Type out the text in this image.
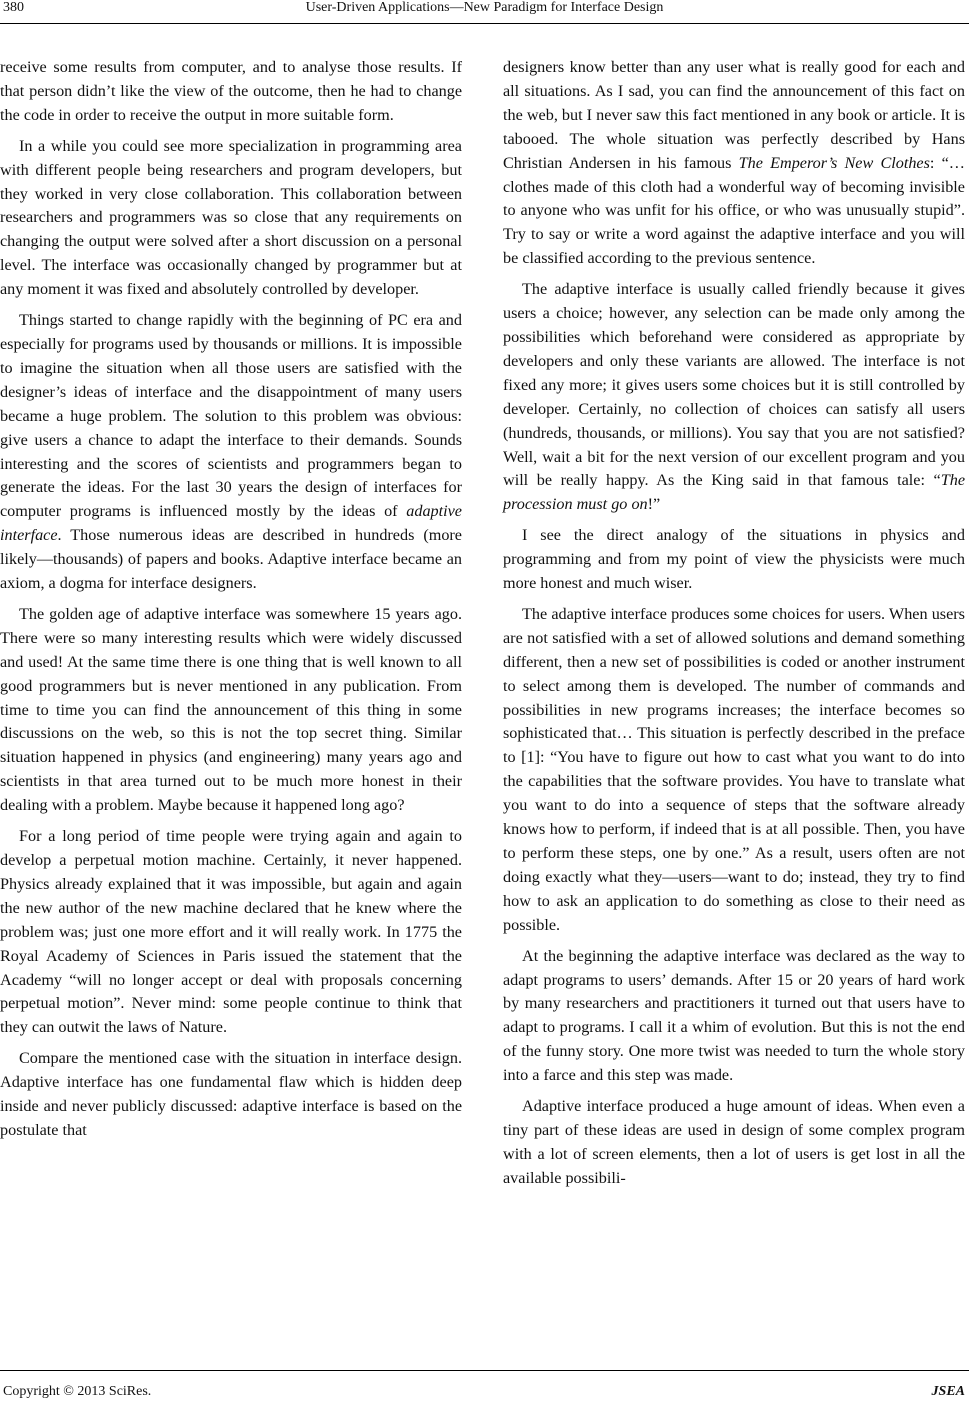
380	User-Driven Applications—New Paradigm for Interface Design

receive some results from computer, and to analyse those results. If that person didn’t like the view of the outcome, then he had to change the code in order to receive the output in more suitable form.

In a while you could see more specialization in programming area with different people being researchers and program developers, but they worked in very close collaboration. This collaboration between researchers and programmers was so close that any requirements on changing the output were solved after a short discussion on a personal level. The interface was occasionally changed by programmer but at any moment it was fixed and absolutely controlled by developer.

Things started to change rapidly with the beginning of PC era and especially for programs used by thousands or millions. It is impossible to imagine the situation when all those users are satisfied with the designer’s ideas of interface and the disappointment of many users became a huge problem. The solution to this problem was obvious: give users a chance to adapt the interface to their demands. Sounds interesting and the scores of scientists and programmers began to generate the ideas. For the last 30 years the design of interfaces for computer programs is influenced mostly by the ideas of adaptive interface. Those numerous ideas are described in hundreds (more likely—thousands) of papers and books. Adaptive interface became an axiom, a dogma for interface designers.

The golden age of adaptive interface was somewhere 15 years ago. There were so many interesting results which were widely discussed and used! At the same time there is one thing that is well known to all good programmers but is never mentioned in any publication. From time to time you can find the announcement of this thing in some discussions on the web, so this is not the top secret thing. Similar situation happened in physics (and engineering) many years ago and scientists in that area turned out to be much more honest in their dealing with a problem. Maybe because it happened long ago?

For a long period of time people were trying again and again to develop a perpetual motion machine. Certainly, it never happened. Physics already explained that it was impossible, but again and again the new author of the new machine declared that he knew where the problem was; just one more effort and it will really work. In 1775 the Royal Academy of Sciences in Paris issued the statement that the Academy “will no longer accept or deal with proposals concerning perpetual motion”. Never mind: some people continue to think that they can outwit the laws of Nature.

Compare the mentioned case with the situation in interface design. Adaptive interface has one fundamental flaw which is hidden deep inside and never publicly discussed: adaptive interface is based on the postulate that

designers know better than any user what is really good for each and all situations. As I sad, you can find the announcement of this fact on the web, but I never saw this fact mentioned in any book or article. It is tabooed. The whole situation was perfectly described by Hans Christian Andersen in his famous The Emperor’s New Clothes: “…clothes made of this cloth had a wonderful way of becoming invisible to anyone who was unfit for his office, or who was unusually stupid”. Try to say or write a word against the adaptive interface and you will be classified according to the previous sentence.

The adaptive interface is usually called friendly because it gives users a choice; however, any selection can be made only among the possibilities which beforehand were considered as appropriate by developers and only these variants are allowed. The interface is not fixed any more; it gives users some choices but it is still controlled by developer. Certainly, no collection of choices can satisfy all users (hundreds, thousands, or millions). You say that you are not satisfied? Well, wait a bit for the next version of our excellent program and you will be really happy. As the King said in that famous tale: “The procession must go on!”

I see the direct analogy of the situations in physics and programming and from my point of view the physicists were much more honest and much wiser.

The adaptive interface produces some choices for users. When users are not satisfied with a set of allowed solutions and demand something different, then a new set of possibilities is coded or another instrument to select among them is developed. The number of commands and possibilities in new programs increases; the interface becomes so sophisticated that… This situation is perfectly described in the preface to [1]: “You have to figure out how to cast what you want to do into the capabilities that the software provides. You have to translate what you want to do into a sequence of steps that the software already knows how to perform, if indeed that is at all possible. Then, you have to perform these steps, one by one.” As a result, users often are not doing exactly what they—users—want to do; instead, they try to find how to ask an application to do something as close to their need as possible.

At the beginning the adaptive interface was declared as the way to adapt programs to users’ demands. After 15 or 20 years of hard work by many researchers and practitioners it turned out that users have to adapt to programs. I call it a whim of evolution. But this is not the end of the funny story. One more twist was needed to turn the whole story into a farce and this step was made.

Adaptive interface produced a huge amount of ideas. When even a tiny part of these ideas are used in design of some complex program with a lot of screen elements, then a lot of users is get lost in all the available possibili-

Copyright © 2013 SciRes.	JSEA
